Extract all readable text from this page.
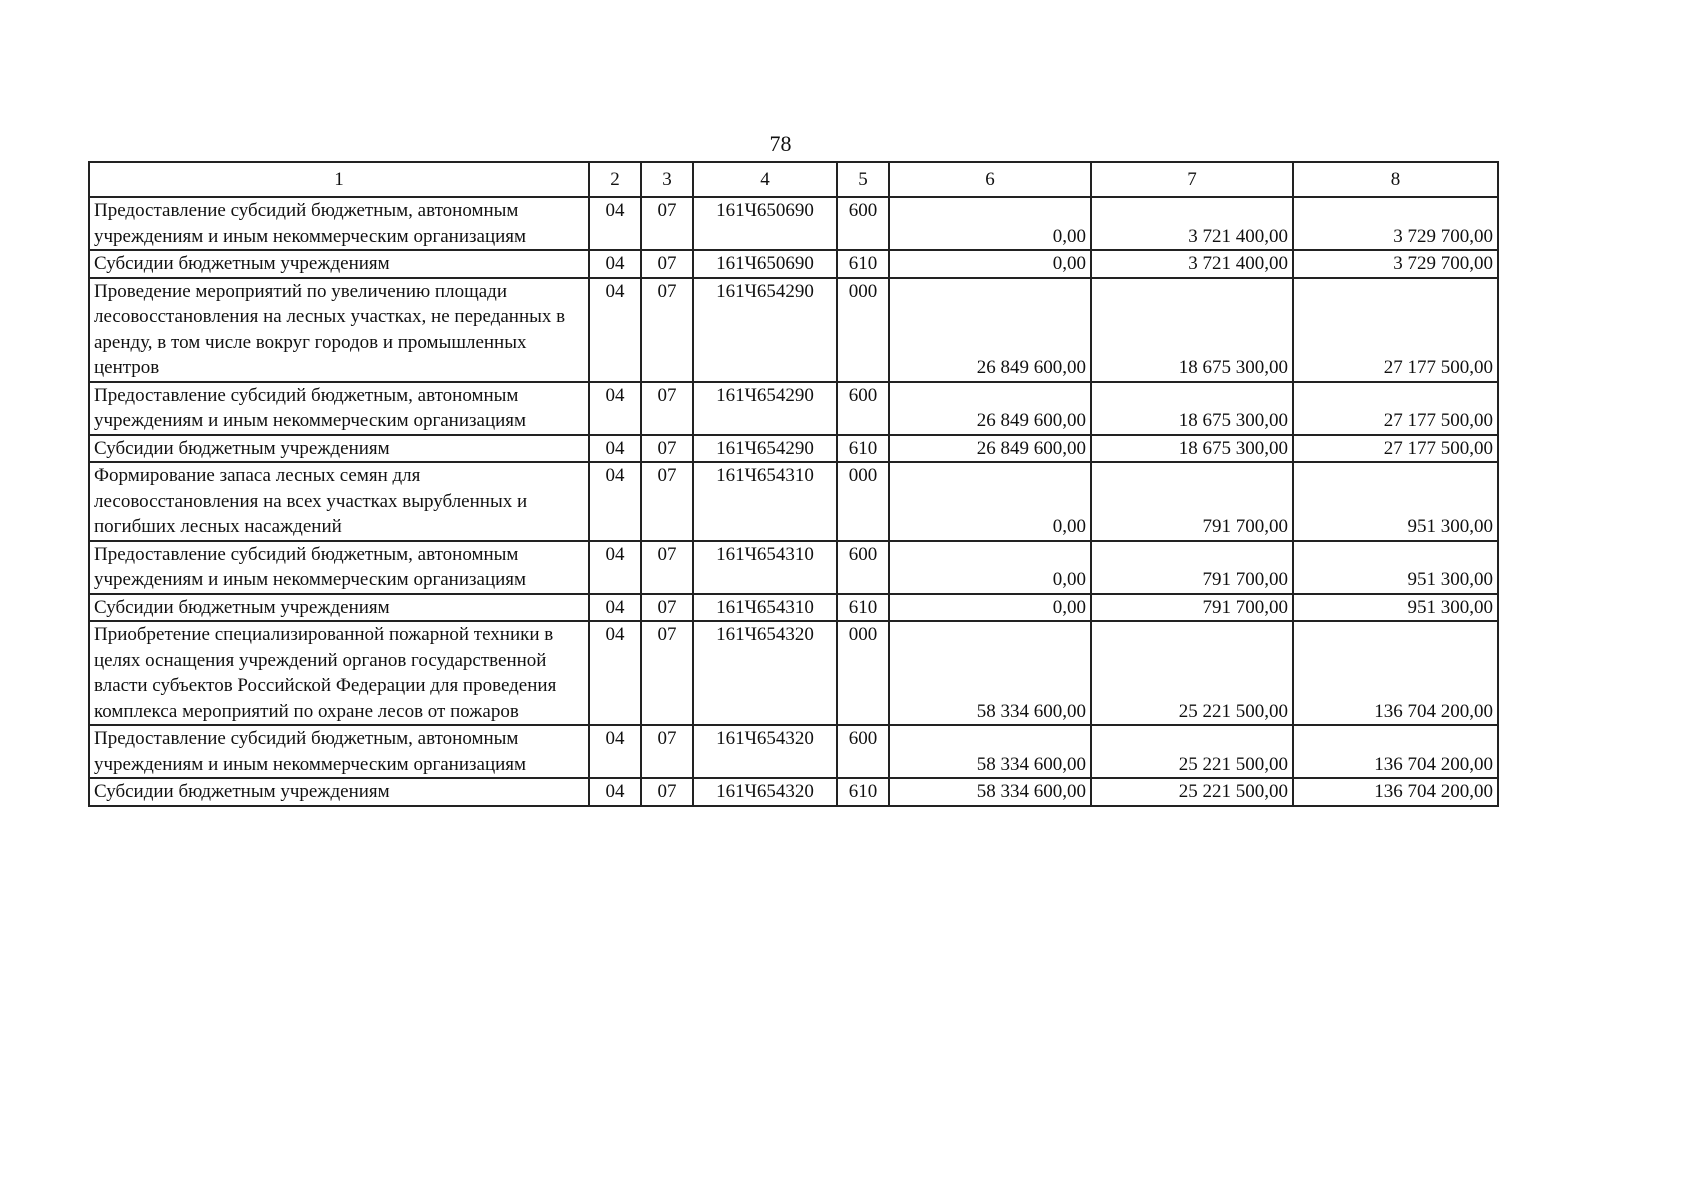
78
1	2	3	4	5	6	7	8
Предоставление субсидий бюджетным, автономным учреждениям и иным некоммерческим организациям	04	07	161Ч650690	600	0,00	3 721 400,00	3 729 700,00
Субсидии бюджетным учреждениям	04	07	161Ч650690	610	0,00	3 721 400,00	3 729 700,00
Проведение мероприятий по увеличению площади лесовосстановления на лесных участках, не переданных в аренду, в том числе вокруг городов и промышленных центров	04	07	161Ч654290	000	26 849 600,00	18 675 300,00	27 177 500,00
Предоставление субсидий бюджетным, автономным учреждениям и иным некоммерческим организациям	04	07	161Ч654290	600	26 849 600,00	18 675 300,00	27 177 500,00
Субсидии бюджетным учреждениям	04	07	161Ч654290	610	26 849 600,00	18 675 300,00	27 177 500,00
Формирование запаса лесных семян для лесовосстановления на всех участках вырубленных и погибших лесных насаждений	04	07	161Ч654310	000	0,00	791 700,00	951 300,00
Предоставление субсидий бюджетным, автономным учреждениям и иным некоммерческим организациям	04	07	161Ч654310	600	0,00	791 700,00	951 300,00
Субсидии бюджетным учреждениям	04	07	161Ч654310	610	0,00	791 700,00	951 300,00
Приобретение специализированной пожарной техники в целях оснащения учреждений органов государственной власти субъектов Российской Федерации для проведения комплекса мероприятий по охране лесов от пожаров	04	07	161Ч654320	000	58 334 600,00	25 221 500,00	136 704 200,00
Предоставление субсидий бюджетным, автономным учреждениям и иным некоммерческим организациям	04	07	161Ч654320	600	58 334 600,00	25 221 500,00	136 704 200,00
Субсидии бюджетным учреждениям	04	07	161Ч654320	610	58 334 600,00	25 221 500,00	136 704 200,00
